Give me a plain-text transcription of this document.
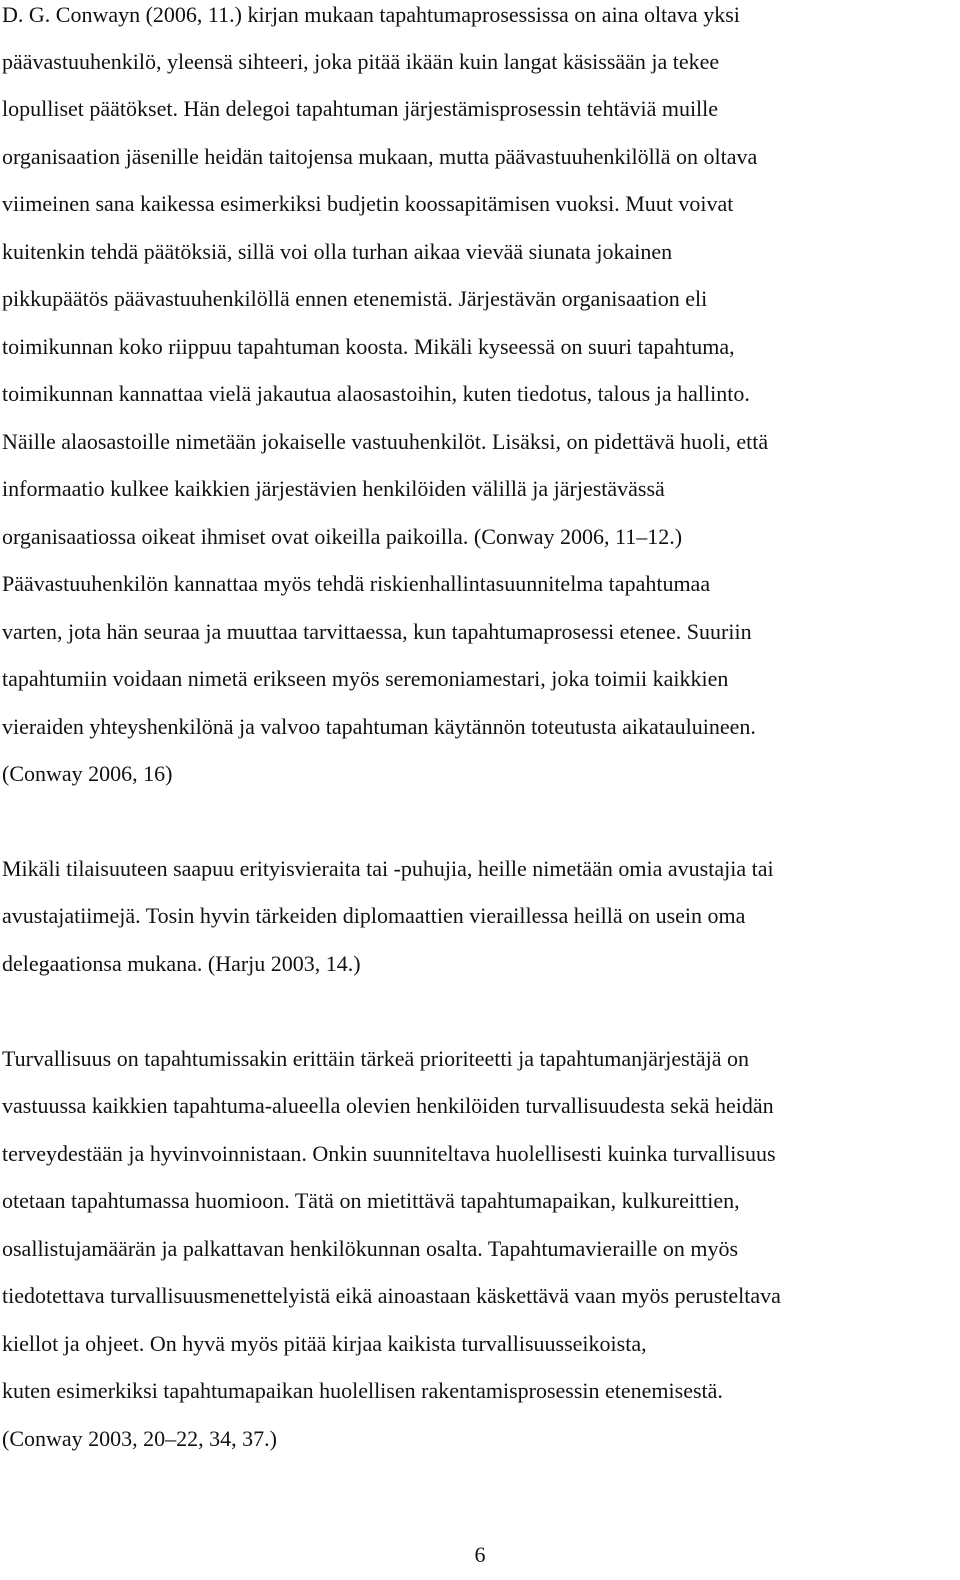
D. G. Conwayn (2006, 11.) kirjan mukaan tapahtumaprosessissa on aina oltava yksi
päävastuuhenkilö, yleensä sihteeri, joka pitää ikään kuin langat käsissään ja tekee
lopulliset päätökset. Hän delegoi tapahtuman järjestämisprosessin tehtäviä muille
organisaation jäsenille heidän taitojensa mukaan, mutta päävastuuhenkilöllä on oltava
viimeinen sana kaikessa esimerkiksi budjetin koossapitämisen vuoksi. Muut voivat
kuitenkin tehdä päätöksiä, sillä voi olla turhan aikaa vievää siunata jokainen
pikkupäätös päävastuuhenkilöllä ennen etenemistä. Järjestävän organisaation eli
toimikunnan koko riippuu tapahtuman koosta. Mikäli kyseessä on suuri tapahtuma,
toimikunnan kannattaa vielä jakautua alaosastoihin, kuten tiedotus, talous ja hallinto.
Näille alaosastoille nimetään jokaiselle vastuuhenkilöt. Lisäksi, on pidettävä huoli, että
informaatio kulkee kaikkien järjestävien henkilöiden välillä ja järjestävässä
organisaatiossa oikeat ihmiset ovat oikeilla paikoilla. (Conway 2006, 11–12.)
Päävastuuhenkilön kannattaa myös tehdä riskienhallintasuunnitelma tapahtumaa
varten, jota hän seuraa ja muuttaa tarvittaessa, kun tapahtumaprosessi etenee. Suuriin
tapahtumiin voidaan nimetä erikseen myös seremoniamestari, joka toimii kaikkien
vieraiden yhteyshenkilönä ja valvoo tapahtuman käytännön toteutusta aikatauluineen.
(Conway 2006, 16)
Mikäli tilaisuuteen saapuu erityisvieraita tai -puhujia, heille nimetään omia avustajia tai
avustajatiimejä. Tosin hyvin tärkeiden diplomaattien vieraillessa heillä on usein oma
delegaationsa mukana. (Harju 2003, 14.)
Turvallisuus on tapahtumissakin erittäin tärkeä prioriteetti ja tapahtumanjärjestäjä on
vastuussa kaikkien tapahtuma-alueella olevien henkilöiden turvallisuudesta sekä heidän
terveydestään ja hyvinvoinnistaan. Onkin suunniteltava huolellisesti kuinka turvallisuus
otetaan tapahtumassa huomioon. Tätä on mietittävä tapahtumapaikan, kulkureittien,
osallistujamäärän ja palkattavan henkilökunnan osalta. Tapahtumavieraille on myös
tiedotettava turvallisuusmenettelyistä eikä ainoastaan käskettävä vaan myös perusteltava
kiellot ja ohjeet. On hyvä myös pitää kirjaa kaikista turvallisuusseikoista,
kuten esimerkiksi tapahtumapaikan huolellisen rakentamisprosessin etenemisestä.
(Conway 2003, 20–22, 34, 37.)
6
